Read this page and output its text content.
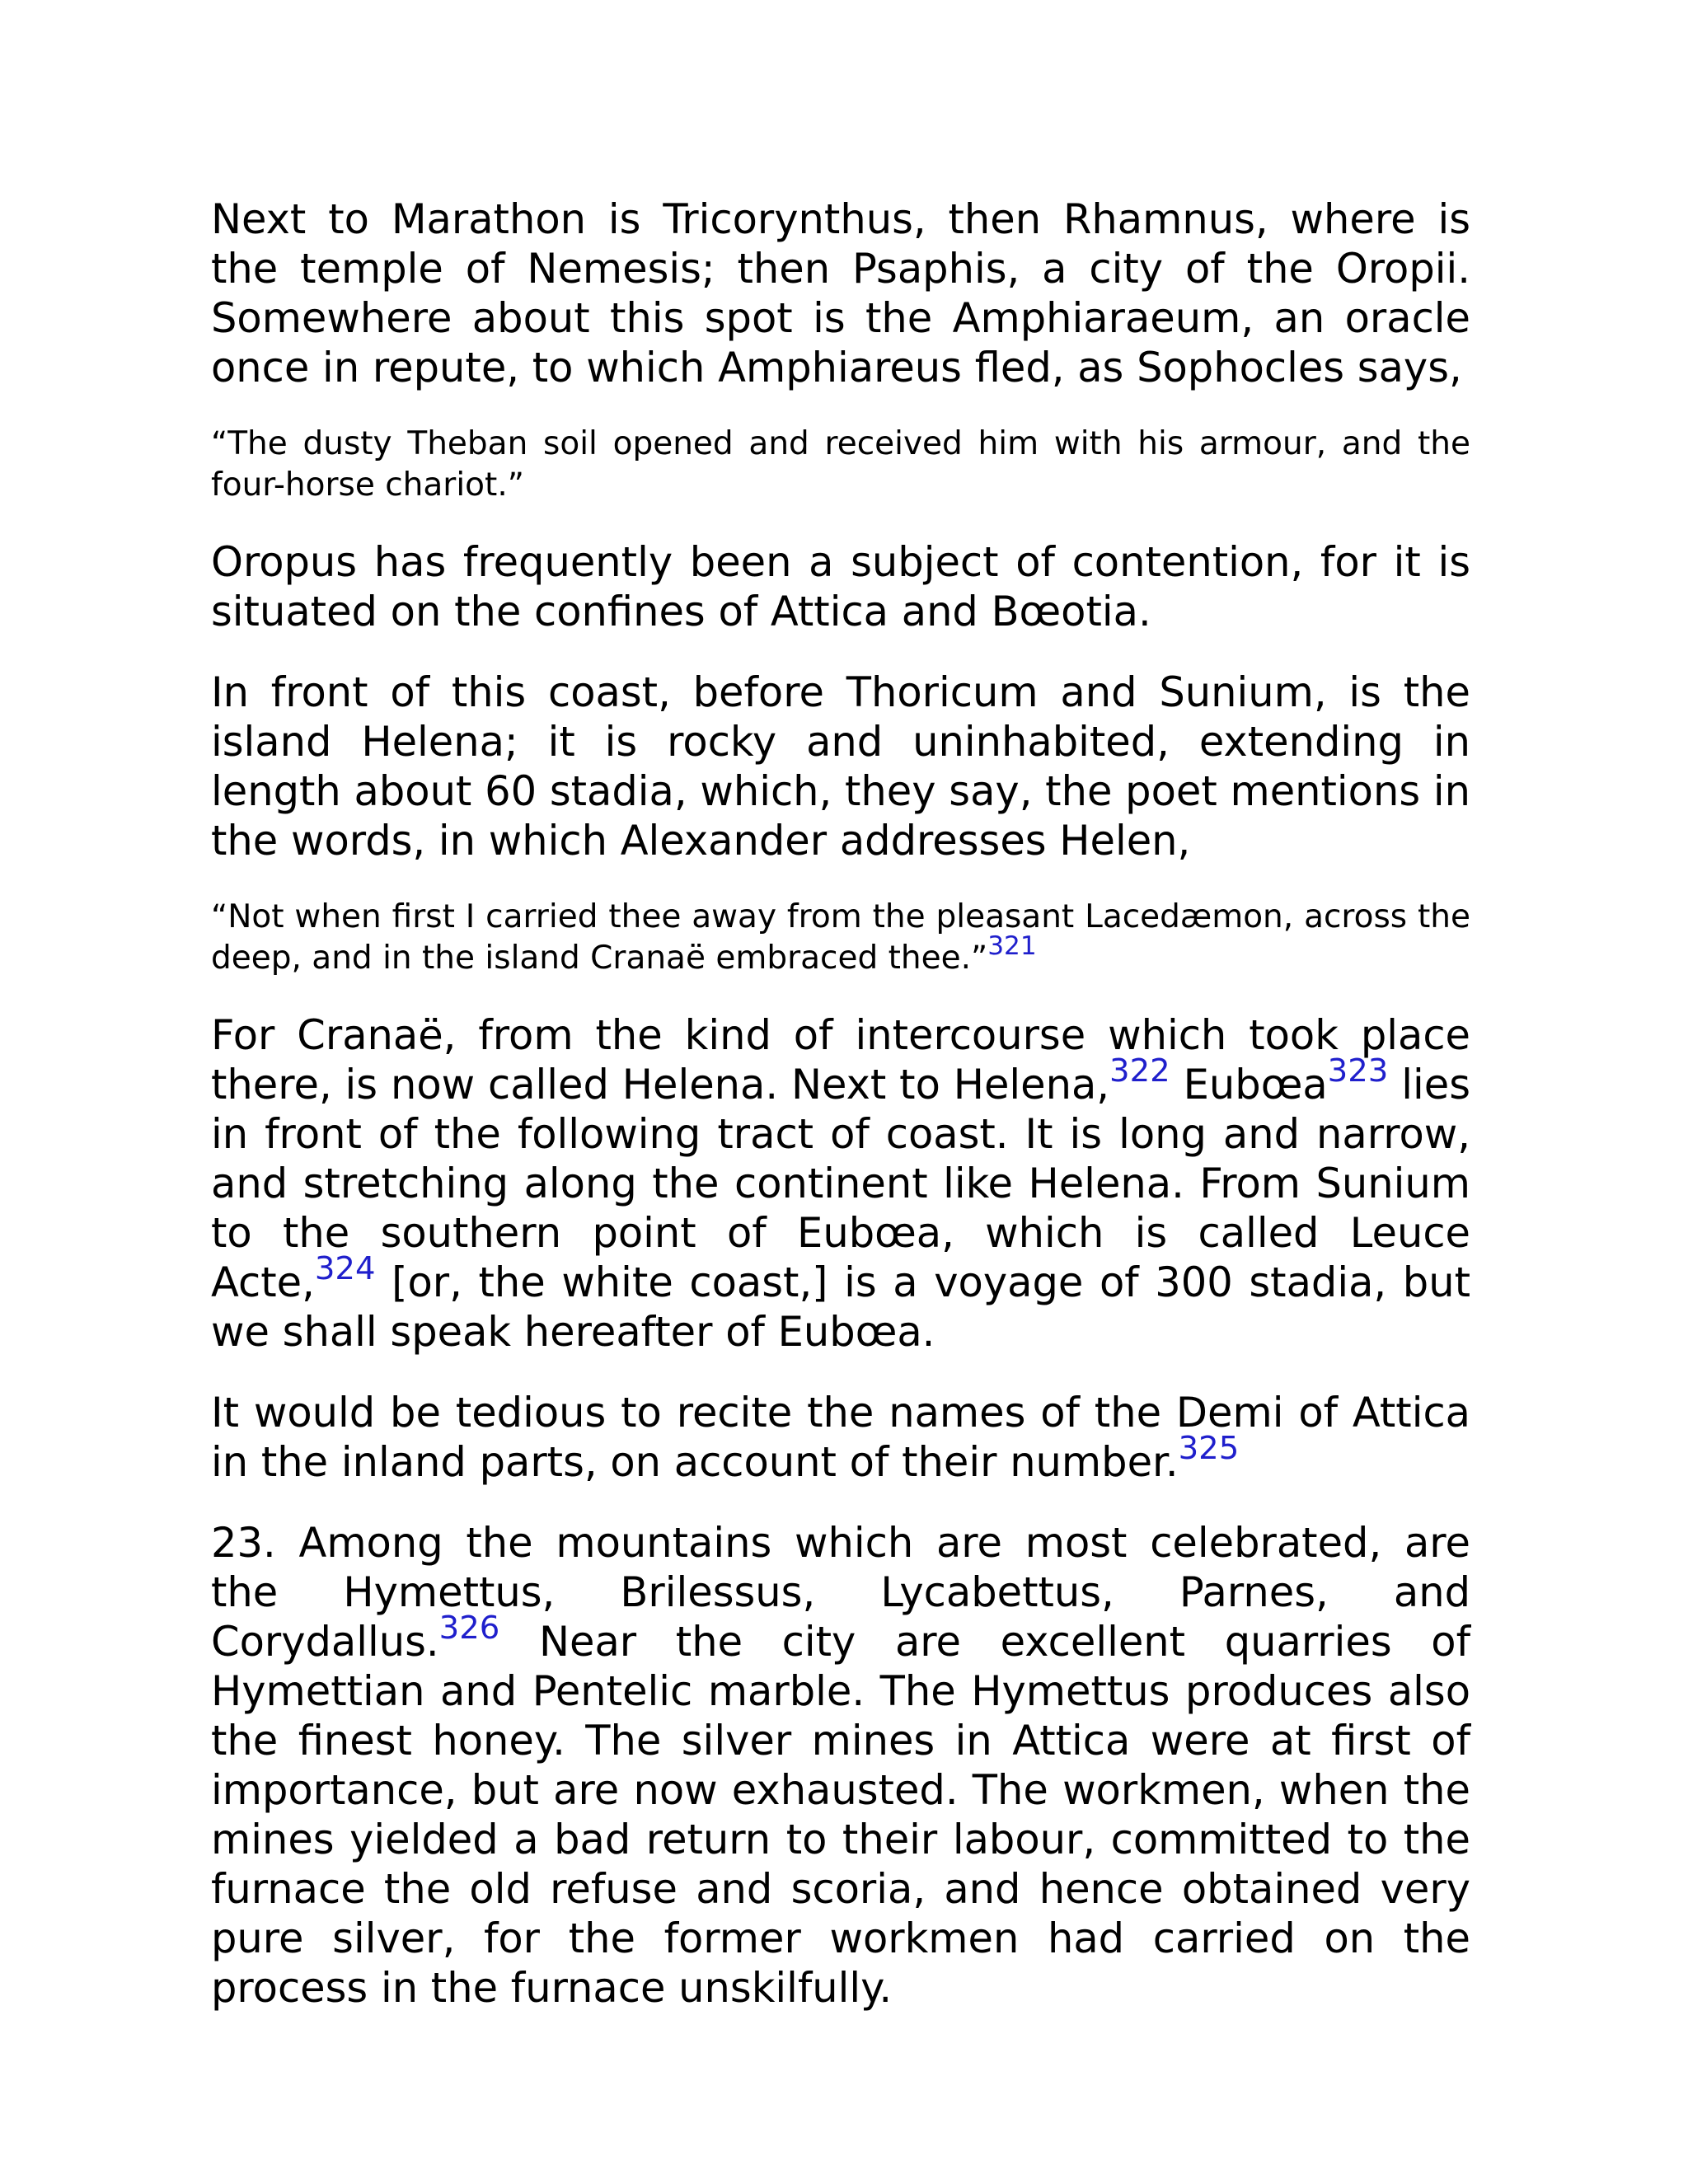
Next to Marathon is Tricorynthus, then Rhamnus, where is the temple of Nemesis; then Psaphis, a city of the Oropii. Somewhere about this spot is the Amphiaraeum, an oracle once in repute, to which Amphiareus fled, as Sophocles says,

“The dusty Theban soil opened and received him with his armour, and the four-horse chariot.”

Oropus has frequently been a subject of contention, for it is situated on the confines of Attica and Bœotia.

In front of this coast, before Thoricum and Sunium, is the island Helena; it is rocky and uninhabited, extending in length about 60 stadia, which, they say, the poet mentions in the words, in which Alexander addresses Helen,

“Not when first I carried thee away from the pleasant Lacedæmon, across the deep, and in the island Cranaë embraced thee.”$^{321}$

For Cranaë, from the kind of intercourse which took place there, is now called Helena. Next to Helena,$^{322}$ Eubœa$^{323}$ lies in front of the following tract of coast. It is long and narrow, and stretching along the continent like Helena. From Sunium to the southern point of Eubœa, which is called Leuce Acte,$^{324}$ [or, the white coast,] is a voyage of 300 stadia, but we shall speak hereafter of Eubœa.

It would be tedious to recite the names of the Demi of Attica in the inland parts, on account of their number.$^{325}$

23. Among the mountains which are most celebrated, are the Hymettus, Brilessus, Lycabettus, Parnes, and Corydallus.$^{326}$ Near the city are excellent quarries of Hymettian and Pentelic marble. The Hymettus produces also the finest honey. The silver mines in Attica were at first of importance, but are now exhausted. The workmen, when the mines yielded a bad return to their labour, committed to the furnace the old refuse and scoria, and hence obtained very pure silver, for the former workmen had carried on the process in the furnace unskilfully.
